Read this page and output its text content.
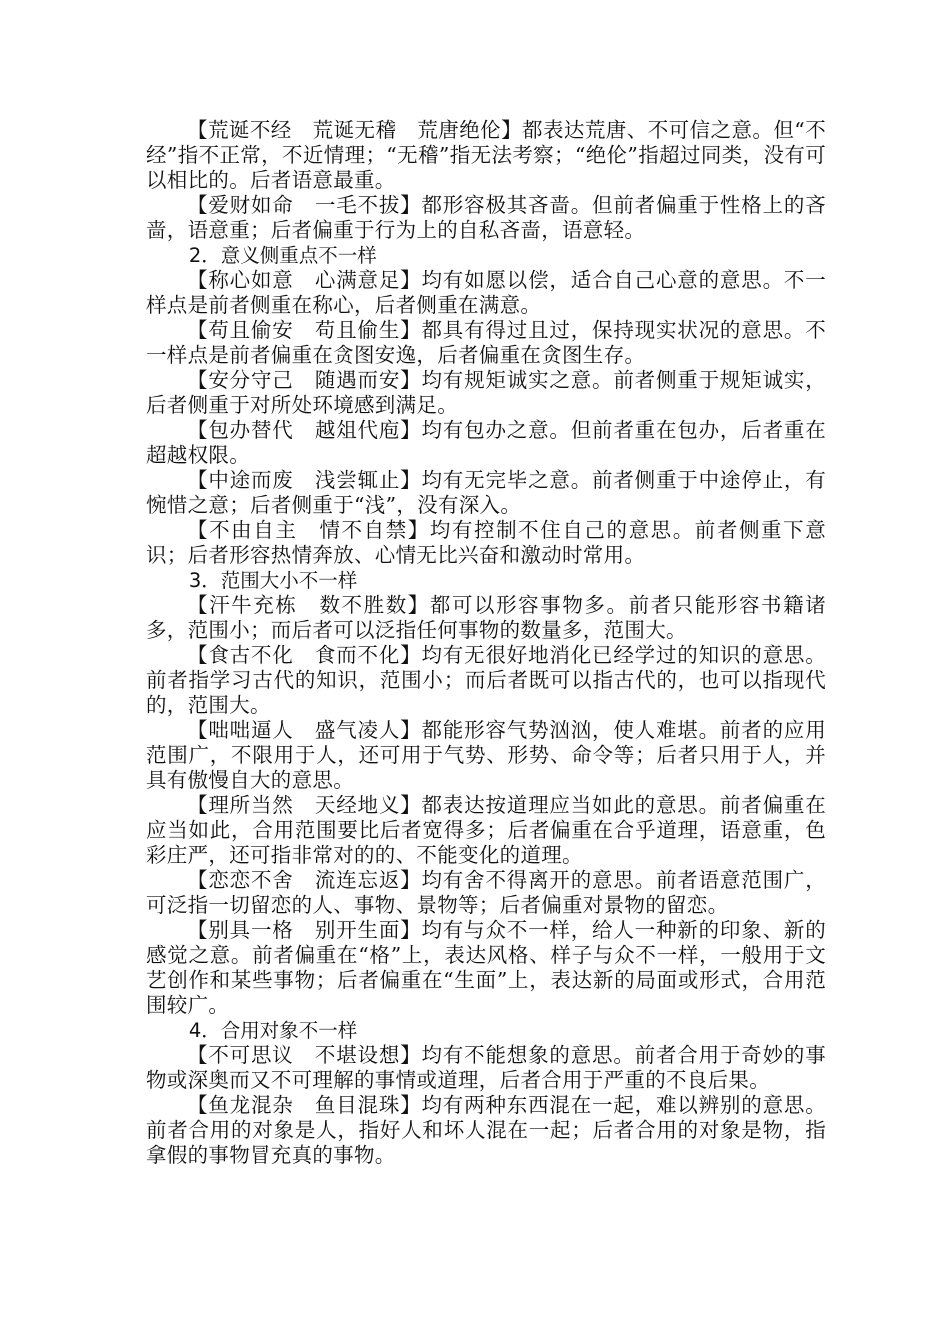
【荒诞不经　荒诞无稽　荒唐绝伦】都表达荒唐、不可信之意。但“不经”指不正常，不近情理；“无稽”指无法考察；“绝伦”指超过同类，没有可以相比的。后者语意最重。

【爱财如命　一毛不拔】都形容极其吝啬。但前者偏重于性格上的吝啬，语意重；后者偏重于行为上的自私吝啬，语意轻。

2．意义侧重点不一样

【称心如意　心满意足】均有如愿以偿，适合自己心意的意思。不一样点是前者侧重在称心，后者侧重在满意。

【苟且偷安　苟且偷生】都具有得过且过，保持现实状况的意思。不一样点是前者偏重在贪图安逸，后者偏重在贪图生存。

【安分守己　随遇而安】均有规矩诚实之意。前者侧重于规矩诚实，后者侧重于对所处环境感到满足。

【包办替代　越俎代庖】均有包办之意。但前者重在包办，后者重在超越权限。

【中途而废　浅尝辄止】均有无完毕之意。前者侧重于中途停止，有惋惜之意；后者侧重于“浅”，没有深入。

【不由自主　情不自禁】均有控制不住自己的意思。前者侧重下意识；后者形容热情奔放、心情无比兴奋和激动时常用。

3．范围大小不一样

【汗牛充栋　数不胜数】都可以形容事物多。前者只能形容书籍诸多，范围小；而后者可以泛指任何事物的数量多，范围大。

【食古不化　食而不化】均有无很好地消化已经学过的知识的意思。前者指学习古代的知识，范围小；而后者既可以指古代的，也可以指现代的，范围大。

【咄咄逼人　盛气凌人】都能形容气势汹汹，使人难堪。前者的应用范围广，不限用于人，还可用于气势、形势、命令等；后者只用于人，并具有傲慢自大的意思。

【理所当然　天经地义】都表达按道理应当如此的意思。前者偏重在应当如此，合用范围要比后者宽得多；后者偏重在合乎道理，语意重，色彩庄严，还可指非常对的的、不能变化的道理。

【恋恋不舍　流连忘返】均有舍不得离开的意思。前者语意范围广，可泛指一切留恋的人、事物、景物等；后者偏重对景物的留恋。

【别具一格　别开生面】均有与众不一样，给人一种新的印象、新的感觉之意。前者偏重在“格”上，表达风格、样子与众不一样，一般用于文艺创作和某些事物；后者偏重在“生面”上，表达新的局面或形式，合用范围较广。

4．合用对象不一样

【不可思议　不堪设想】均有不能想象的意思。前者合用于奇妙的事物或深奥而又不可理解的事情或道理，后者合用于严重的不良后果。

【鱼龙混杂　鱼目混珠】均有两种东西混在一起，难以辨别的意思。前者合用的对象是人，指好人和坏人混在一起；后者合用的对象是物，指拿假的事物冒充真的事物。
